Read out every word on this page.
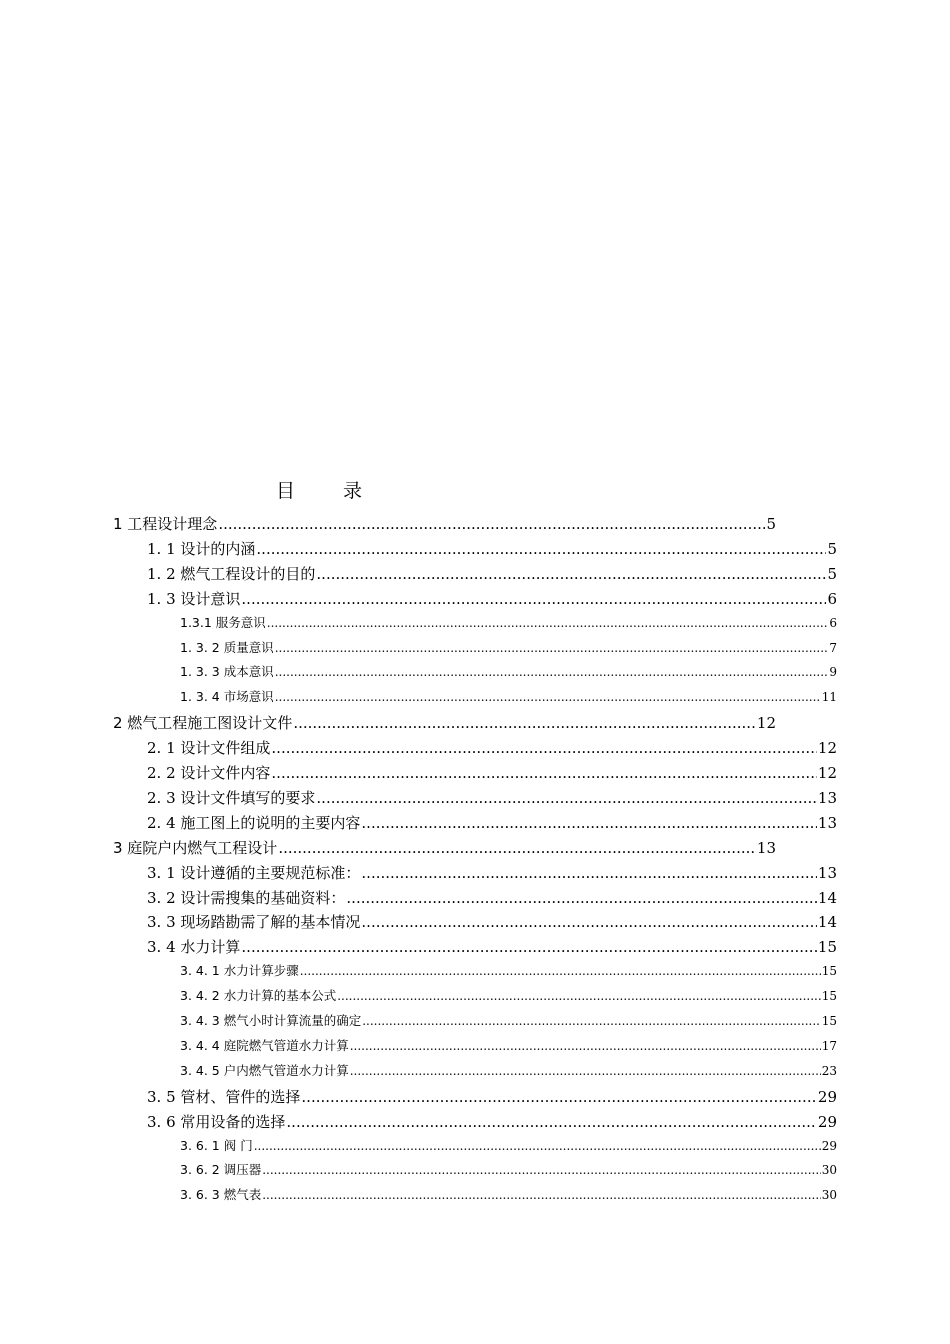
目录
1 工程设计理念 .....	5
1. 1 设计的内涵 .....	5
1. 2 燃气工程设计的目的 .....	5
1. 3 设计意识 .....	6
1.3.1 服务意识 .....	6
1. 3. 2 质量意识 .....	7
1. 3. 3 成本意识 .....	9
1. 3. 4 市场意识 .....	11
2 燃气工程施工图设计文件 .....	12
2. 1 设计文件组成 .....	12
2. 2 设计文件内容 .....	12
2. 3 设计文件填写的要求 .....	13
2. 4 施工图上的说明的主要内容 .....	13
3 庭院户内燃气工程设计 .....	13
3. 1 设计遵循的主要规范标准： .....	13
3. 2 设计需搜集的基础资料： .....	14
3. 3 现场踏勘需了解的基本情况 .....	14
3. 4 水力计算 .....	15
3. 4. 1 水力计算步骤 .....	15
3. 4. 2 水力计算的基本公式 .....	15
3. 4. 3 燃气小时计算流量的确定 .....	15
3. 4. 4 庭院燃气管道水力计算 .....	17
3. 4. 5 户内燃气管道水力计算 .....	23
3. 5 管材、管件的选择 .....	29
3. 6 常用设备的选择 .....	29
3. 6. 1 阀 门 .....	29
3. 6. 2 调压器 .....	30
3. 6. 3 燃气表 .....	30
